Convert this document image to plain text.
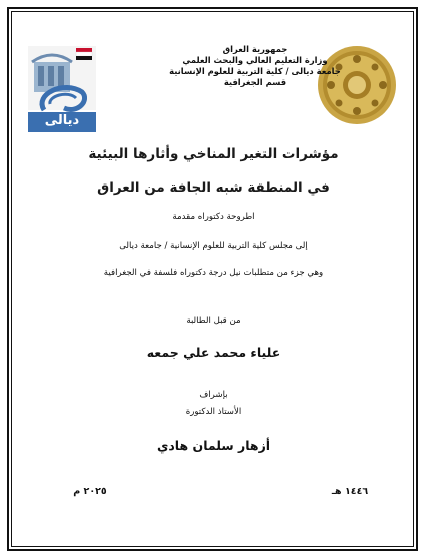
ديالى
جمهورية العراق
وزارة التعليم العالي والبحث العلمي
جامعة ديالى / كلية التربية للعلوم الإنسانية
قسم الجغرافية
مؤشرات التغير المناخي وأثارها البيئية
في المنطقة شبه الجافة من العراق
اطروحة دكتوراه مقدمة
إلى مجلس كلية التربية للعلوم الإنسانية / جامعة ديالى
وهي جزء من متطلبات نيل درجة دكتوراه فلسفة في الجغرافية
من قبل الطالبة
علياء محمد علي جمعه
بإشراف
الأستاذ الدكتورة
أزهار سلمان هادي
١٤٤٦ هـ
٢٠٢٥ م
